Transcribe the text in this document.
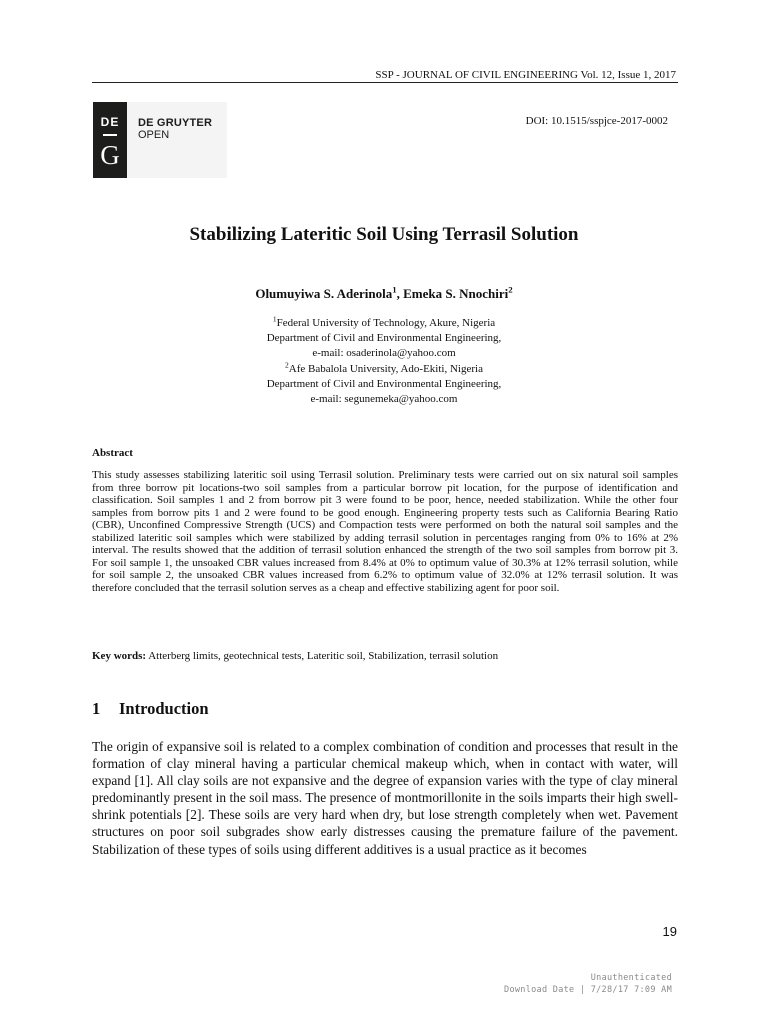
SSP - JOURNAL OF CIVIL ENGINEERING Vol. 12, Issue 1, 2017
DE
G
DE GRUYTER
OPEN
DOI: 10.1515/sspjce-2017-0002
Stabilizing Lateritic Soil Using Terrasil Solution
Olumuyiwa S. Aderinola$^1$, Emeka S. Nnochiri$^2$
$^1$Federal University of Technology, Akure, Nigeria
Department of Civil and Environmental Engineering,
e-mail: osaderinola@yahoo.com
$^2$Afe Babalola University, Ado-Ekiti, Nigeria
Department of Civil and Environmental Engineering,
e-mail: segunemeka@yahoo.com
Abstract
This study assesses stabilizing lateritic soil using Terrasil solution. Preliminary tests were carried out on six natural soil samples from three borrow pit locations-two soil samples from a particular borrow pit location, for the purpose of identification and classification. Soil samples 1 and 2 from borrow pit 3 were found to be poor, hence, needed stabilization. While the other four samples from borrow pits 1 and 2 were found to be good enough. Engineering property tests such as California Bearing Ratio (CBR), Unconfined Compressive Strength (UCS) and Compaction tests were performed on both the natural soil samples and the stabilized lateritic soil samples which were stabilized by adding terrasil solution in percentages ranging from 0% to 16% at 2% interval. The results showed that the addition of terrasil solution enhanced the strength of the two soil samples from borrow pit 3. For soil sample 1, the unsoaked CBR values increased from 8.4% at 0% to optimum value of 30.3% at 12% terrasil solution, while for soil sample 2, the unsoaked CBR values increased from 6.2% to optimum value of 32.0% at 12% terrasil solution. It was therefore concluded that the terrasil solution serves as a cheap and effective stabilizing agent for poor soil.
Key words: Atterberg limits, geotechnical tests, Lateritic soil, Stabilization, terrasil solution
1 Introduction
The origin of expansive soil is related to a complex combination of condition and processes that result in the formation of clay mineral having a particular chemical makeup which, when in contact with water, will expand [1]. All clay soils are not expansive and the degree of expansion varies with the type of clay mineral predominantly present in the soil mass. The presence of montmorillonite in the soils imparts their high swell-shrink potentials [2]. These soils are very hard when dry, but lose strength completely when wet. Pavement structures on poor soil subgrades show early distresses causing the premature failure of the pavement. Stabilization of these types of soils using different additives is a usual practice as it becomes
19
Unauthenticated
Download Date | 7/28/17 7:09 AM
